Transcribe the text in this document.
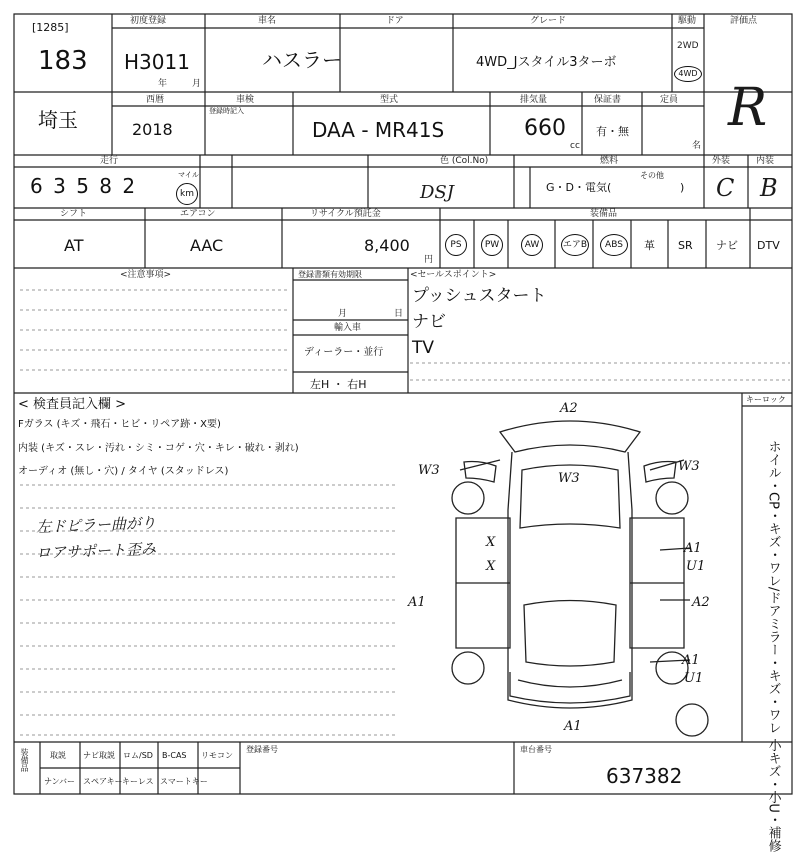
[1285]
183
初度登録
H3011
年	月
車名
ハスラー
ドア	グレード
4WD_Jスタイル3ターボ
駆動
2WD
4WD
評価点
R
埼玉
西暦
2018
車検
登録時記入
型式
DAA - MR41S
排気量
660
cc
保証書
有・無
定員
名
走行
6 3 5 8 2	マイル
km
色 (Col.No)
DSJ
燃料
G・D・電気(
その他
)
外装
C
内装
B
シフト
AT
エアコン
AAC
リサイクル預託金
8,400
円
装備品
PS	PW	AW	エアB	ABS	革 SR ナビ DTV
<注意事項>	登録書類有効期限
月	日
輸入車
ディーラー・並行
左H ・ 右H
<セールスポイント>
プッシュスタート
ナビ
TV
< 検査員記入欄 >
Fガラス (キズ・飛石・ヒビ・リペア跡・X要)
内装 (キズ・スレ・汚れ・シミ・コゲ・穴・キレ・破れ・剥れ)
オーディオ (無し・穴) / タイヤ (スタッドレス)
左ドピラー曲がり
ロアサポート歪み
A2
W3
W3
W3
X
X
A1
U1
A1
A2
A1
U1
A1
キーロック
ホイル・CP・キズ・ワレ/ドアミラー・キズ・ワレ 小キズ・小U・補修
装備品	取説 ナビ取説 ロム/SD B-CAS リモコン
ナンバー スペアキー キーレス スマートキー
登録番号	車台番号
637382
